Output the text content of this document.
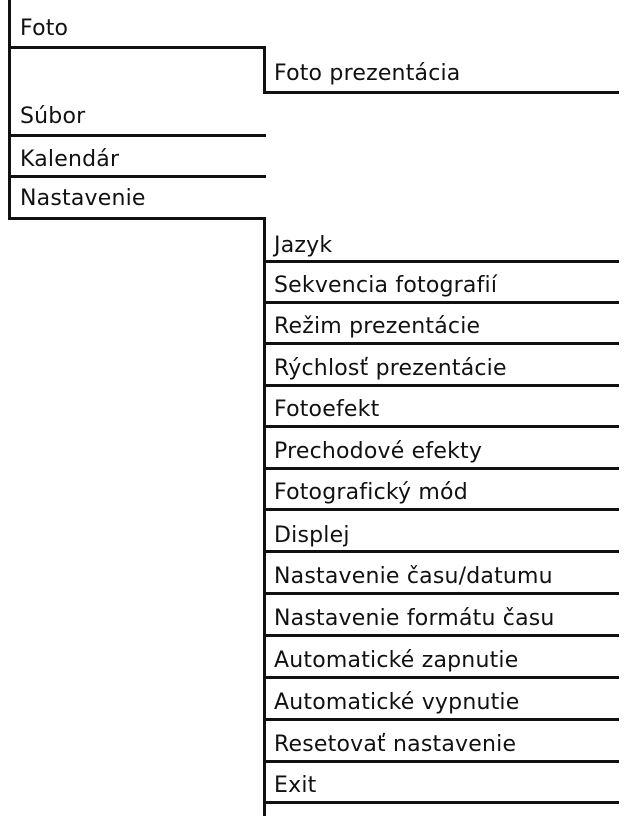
Foto
Súbor
Kalendár
Nastavenie
Foto prezentácia
Jazyk
Sekvencia fotografií
Režim prezentácie
Rýchlosť prezentácie
Fotoefekt
Prechodové efekty
Fotografický mód
Displej
Nastavenie času/datumu
Nastavenie formátu času
Automatické zapnutie
Automatické vypnutie
Resetovať nastavenie
Exit
